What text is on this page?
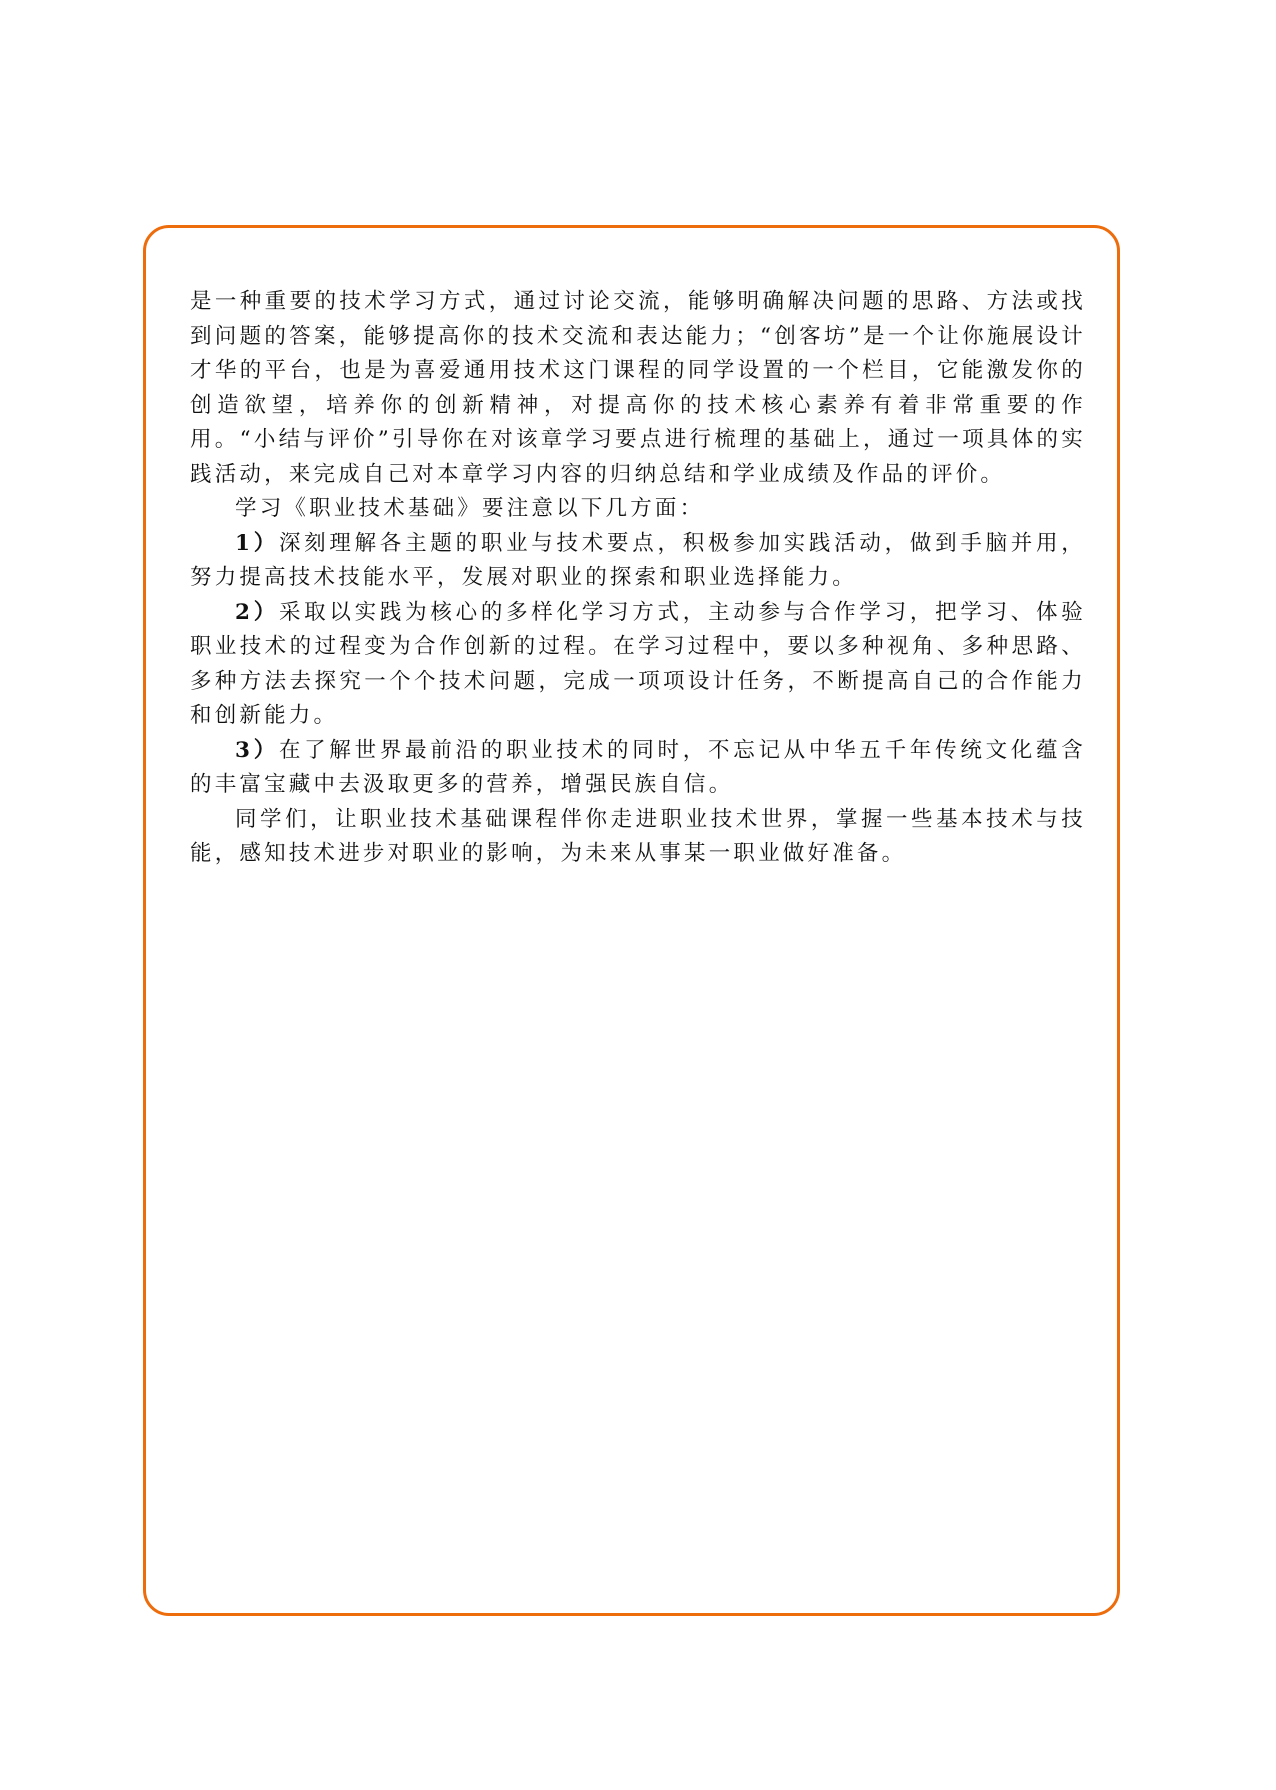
是一种重要的技术学习方式，通过讨论交流，能够明确解决问题的思路、方法或找到问题的答案，能够提高你的技术交流和表达能力；“创客坊”是一个让你施展设计才华的平台，也是为喜爱通用技术这门课程的同学设置的一个栏目，它能激发你的创造欲望，培养你的创新精神，对提高你的技术核心素养有着非常重要的作用。“小结与评价”引导你在对该章学习要点进行梳理的基础上，通过一项具体的实践活动，来完成自己对本章学习内容的归纳总结和学业成绩及作品的评价。

学习《职业技术基础》要注意以下几方面：

1）深刻理解各主题的职业与技术要点，积极参加实践活动，做到手脑并用，努力提高技术技能水平，发展对职业的探索和职业选择能力。

2）采取以实践为核心的多样化学习方式，主动参与合作学习，把学习、体验职业技术的过程变为合作创新的过程。在学习过程中，要以多种视角、多种思路、多种方法去探究一个个技术问题，完成一项项设计任务，不断提高自己的合作能力和创新能力。

3）在了解世界最前沿的职业技术的同时，不忘记从中华五千年传统文化蕴含的丰富宝藏中去汲取更多的营养，增强民族自信。

同学们，让职业技术基础课程伴你走进职业技术世界，掌握一些基本技术与技能，感知技术进步对职业的影响，为未来从事某一职业做好准备。
